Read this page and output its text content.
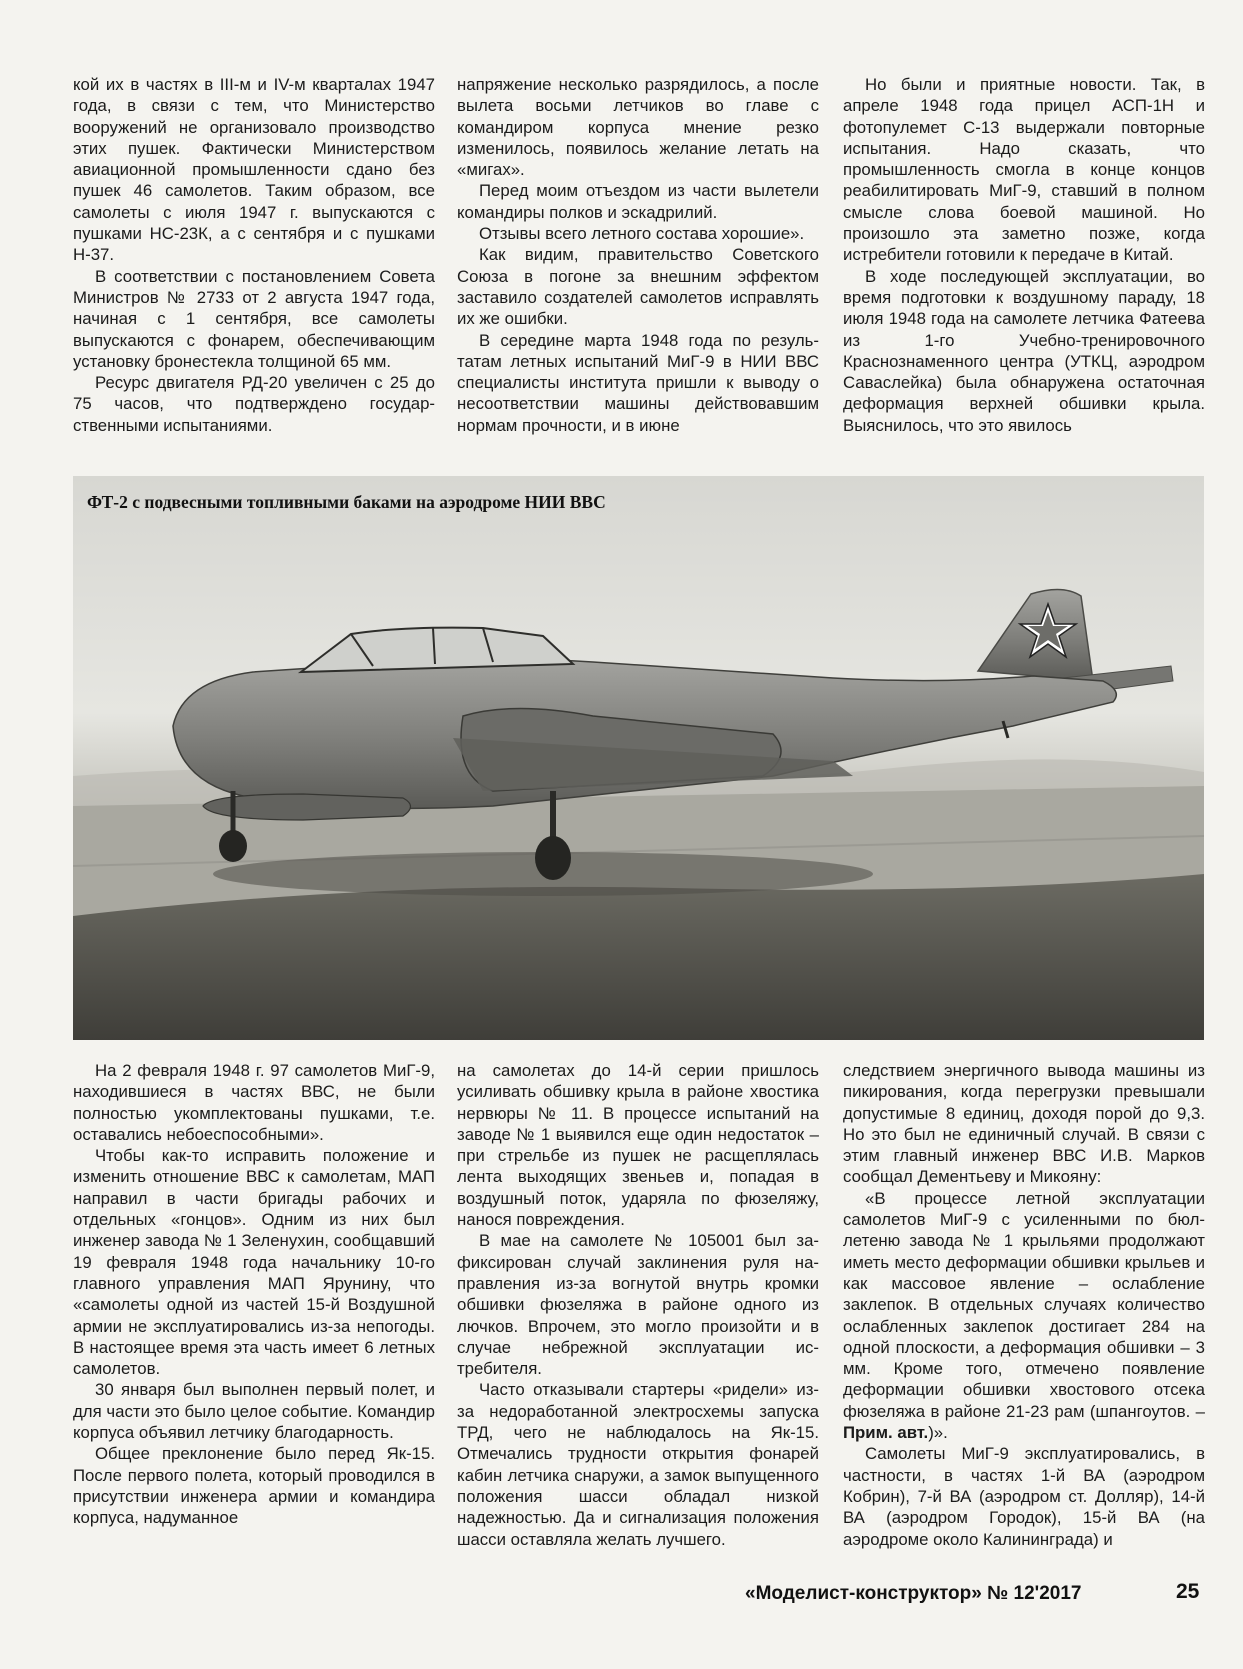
кой их в частях в III-м и IV-м кварталах 1947 года, в связи с тем, что Министерство вооружений не организовало производство этих пушек. Фактически Министерством авиационной промышленности сдано без пушек 46 самолетов. Таким образом, все самолеты с июля 1947 г. выпускаются с пушками НС-23К, а с сентября и с пушками Н-37.

В соответствии с постановлением Совета Министров № 2733 от 2 августа 1947 года, начиная с 1 сентября, все самолеты выпускаются с фонарем, обеспечивающим установку бронестекла толщиной 65 мм.

Ресурс двигателя РД-20 увеличен с 25 до 75 часов, что подтверждено государственными испытаниями.

напряжение несколько разрядилось, а после вылета восьми летчиков во главе с командиром корпуса мнение резко изменилось, появилось желание летать на «мигах».

Перед моим отъездом из части вылетели командиры полков и эскадрилий.

Отзывы всего летного состава хорошие».

Как видим, правительство Советского Союза в погоне за внешним эффектом заставило создателей самолетов исправлять их же ошибки.

В середине марта 1948 года по результатам летных испытаний МиГ-9 в НИИ ВВС специалисты института пришли к выводу о несоответствии машины действовавшим нормам прочности, и в июне

Но были и приятные новости. Так, в апреле 1948 года прицел АСП-1Н и фотопулемет С-13 выдержали повторные испытания. Надо сказать, что промышленность смогла в конце концов реабилитировать МиГ-9, ставший в полном смысле слова боевой машиной. Но произошло эта заметно позже, когда истребители готовили к передаче в Китай.

В ходе последующей эксплуатации, во время подготовки к воздушному параду, 18 июля 1948 года на самолете летчика Фатеева из 1-го Учебно-тренировочного Краснознаменного центра (УТКЦ, аэродром Саваслейка) была обнаружена остаточная деформация верхней обшивки крыла. Выяснилось, что это явилось

ФТ-2 с подвесными топливными баками на аэродроме НИИ ВВС

На 2 февраля 1948 г. 97 самолетов МиГ-9, находившиеся в частях ВВС, не были полностью укомплектованы пушками, т.е. оставались небоеспособными».

Чтобы как-то исправить положение и изменить отношение ВВС к самолетам, МАП направил в части бригады рабочих и отдельных «гонцов». Одним из них был инженер завода № 1 Зеленухин, сообщавший 19 февраля 1948 года начальнику 10-го главного управления МАП Ярунину, что «самолеты одной из частей 15-й Воздушной армии не эксплуатировались из-за непогоды. В настоящее время эта часть имеет 6 летных самолетов.

30 января был выполнен первый полет, и для части это было целое событие. Командир корпуса объявил летчику благодарность.

Общее преклонение было перед Як-15. После первого полета, который проводился в присутствии инженера армии и командира корпуса, надуманное

на самолетах до 14-й серии пришлось усиливать обшивку крыла в районе хвостика нервюры № 11. В процессе испытаний на заводе № 1 выявился еще один недостаток – при стрельбе из пушек не расщеплялась лента выходящих звеньев и, попадая в воздушный поток, ударяла по фюзеляжу, нанося повреждения.

В мае на самолете № 105001 был зафиксирован случай заклинения руля направления из-за вогнутой внутрь кромки обшивки фюзеляжа в районе одного из лючков. Впрочем, это могло произойти и в случае небрежной эксплуатации истребителя.

Часто отказывали стартеры «ридели» из-за недоработанной электросхемы запуска ТРД, чего не наблюдалось на Як-15. Отмечались трудности открытия фонарей кабин летчика снаружи, а замок выпущенного положения шасси обладал низкой надежностью. Да и сигнализация положения шасси оставляла желать лучшего.

следствием энергичного вывода машины из пикирования, когда перегрузки превышали допустимые 8 единиц, доходя порой до 9,3. Но это был не единичный случай. В связи с этим главный инженер ВВС И.В. Марков сообщал Дементьеву и Микояну:

«В процессе летной эксплуатации самолетов МиГ-9 с усиленными по бюллетеню завода № 1 крыльями продолжают иметь место деформации обшивки крыльев и как массовое явление – ослабление заклепок. В отдельных случаях количество ослабленных заклепок достигает 284 на одной плоскости, а деформация обшивки – 3 мм. Кроме того, отмечено появление деформации обшивки хвостового отсека фюзеляжа в районе 21-23 рам (шпангоутов. – Прим. авт.)».

Самолеты МиГ-9 эксплуатировались, в частности, в частях 1-й ВА (аэродром Кобрин), 7-й ВА (аэродром ст. Долляр), 14-й ВА (аэродром Городок), 15-й ВА (на аэродроме около Калининграда) и

«Моделист-конструктор» № 12'2017	25
